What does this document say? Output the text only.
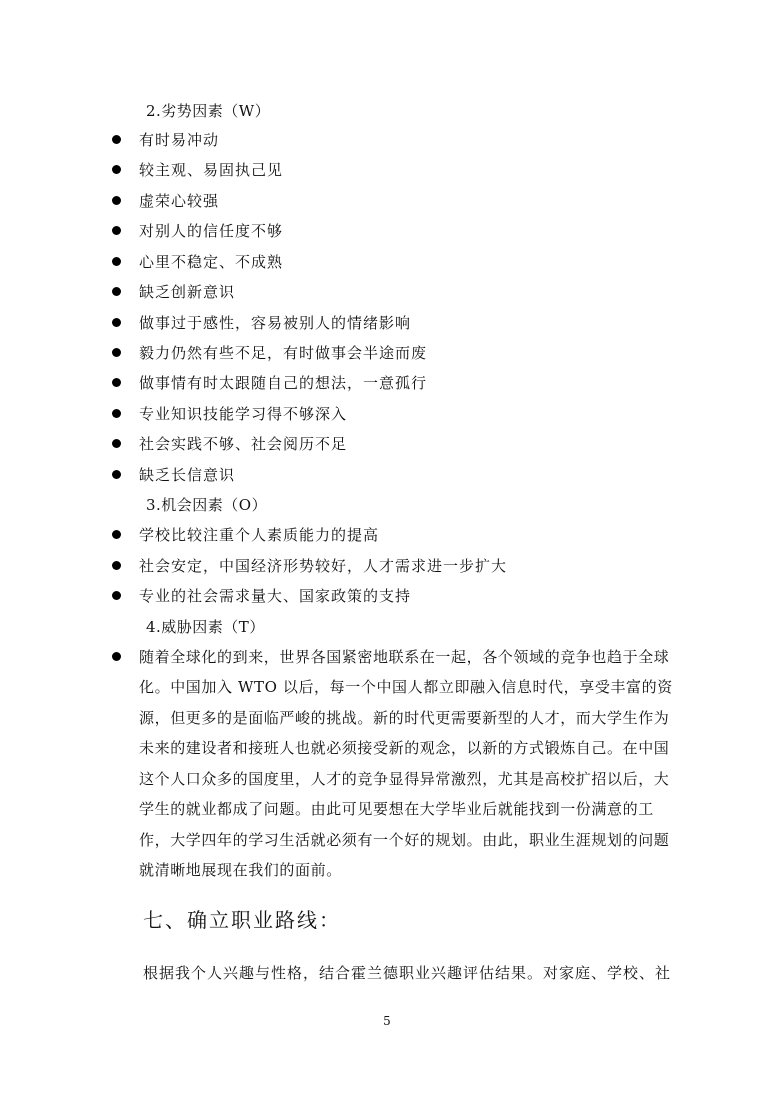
2.劣势因素（W）
有时易冲动
较主观、易固执己见
虚荣心较强
对别人的信任度不够
心里不稳定、不成熟
缺乏创新意识
做事过于感性，容易被别人的情绪影响
毅力仍然有些不足，有时做事会半途而废
做事情有时太跟随自己的想法，一意孤行
专业知识技能学习得不够深入
社会实践不够、社会阅历不足
缺乏长信意识
3.机会因素（O）
学校比较注重个人素质能力的提高
社会安定，中国经济形势较好，人才需求进一步扩大
专业的社会需求量大、国家政策的支持
4.威胁因素（T）
随着全球化的到来，世界各国紧密地联系在一起，各个领域的竞争也趋于全球
化。中国加入 WTO 以后，每一个中国人都立即融入信息时代，享受丰富的资
源，但更多的是面临严峻的挑战。新的时代更需要新型的人才，而大学生作为
未来的建设者和接班人也就必须接受新的观念，以新的方式锻炼自己。在中国
这个人口众多的国度里，人才的竞争显得异常激烈，尤其是高校扩招以后，大
学生的就业都成了问题。由此可见要想在大学毕业后就能找到一份满意的工
作，大学四年的学习生活就必须有一个好的规划。由此，职业生涯规划的问题
就清晰地展现在我们的面前。
七、确立职业路线：
根据我个人兴趣与性格，结合霍兰德职业兴趣评估结果。对家庭、学校、社
5
